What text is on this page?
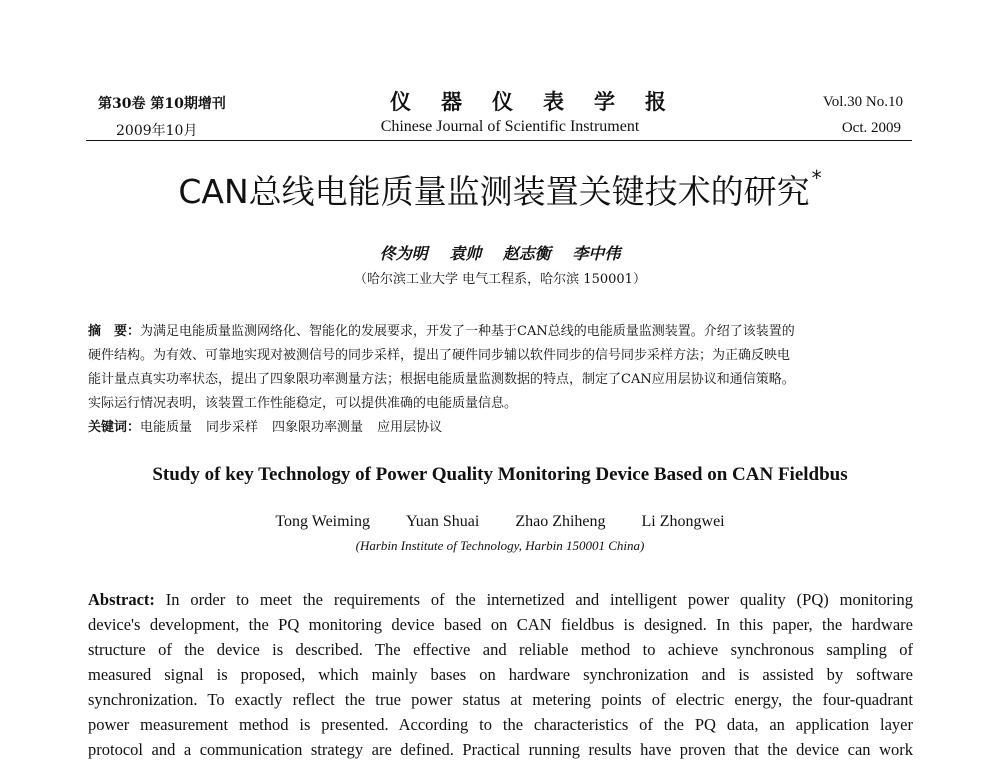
第30卷 第10期增刊
2009年10月
仪器仪表学报
Chinese Journal of Scientific Instrument
Vol.30 No.10
Oct. 2009
CAN总线电能质量监测装置关键技术的研究 *
佟为明 袁帅 赵志衡 李中伟
（哈尔滨工业大学 电气工程系，哈尔滨 150001）
摘　要：为满足电能质量监测网络化、智能化的发展要求，开发了一种基于CAN总线的电能质量监测装置。介绍了该装置的
硬件结构。为有效、可靠地实现对被测信号的同步采样，提出了硬件同步辅以软件同步的信号同步采样方法；为正确反映电
能计量点真实功率状态，提出了四象限功率测量方法；根据电能质量监测数据的特点，制定了CAN应用层协议和通信策略。
实际运行情况表明，该装置工作性能稳定，可以提供准确的电能质量信息。
关键词：电能质量 同步采样 四象限功率测量 应用层协议
Study of key Technology of Power Quality Monitoring Device Based on CAN Fieldbus
Tong Weiming Yuan Shuai Zhao Zhiheng Li Zhongwei
(Harbin Institute of Technology, Harbin 150001 China)
Abstract: In order to meet the requirements of the internetized and intelligent power quality (PQ) monitoring
device's development, the PQ monitoring device based on CAN fieldbus is designed. In this paper, the hardware
structure of the device is described. The effective and reliable method to achieve synchronous sampling of
measured signal is proposed, which mainly bases on hardware synchronization and is assisted by software
synchronization. To exactly reflect the true power status at metering points of electric energy, the four-quadrant
power measurement method is presented. According to the characteristics of the PQ data, an application layer
protocol and a communication strategy are defined. Practical running results have proven that the device can work
